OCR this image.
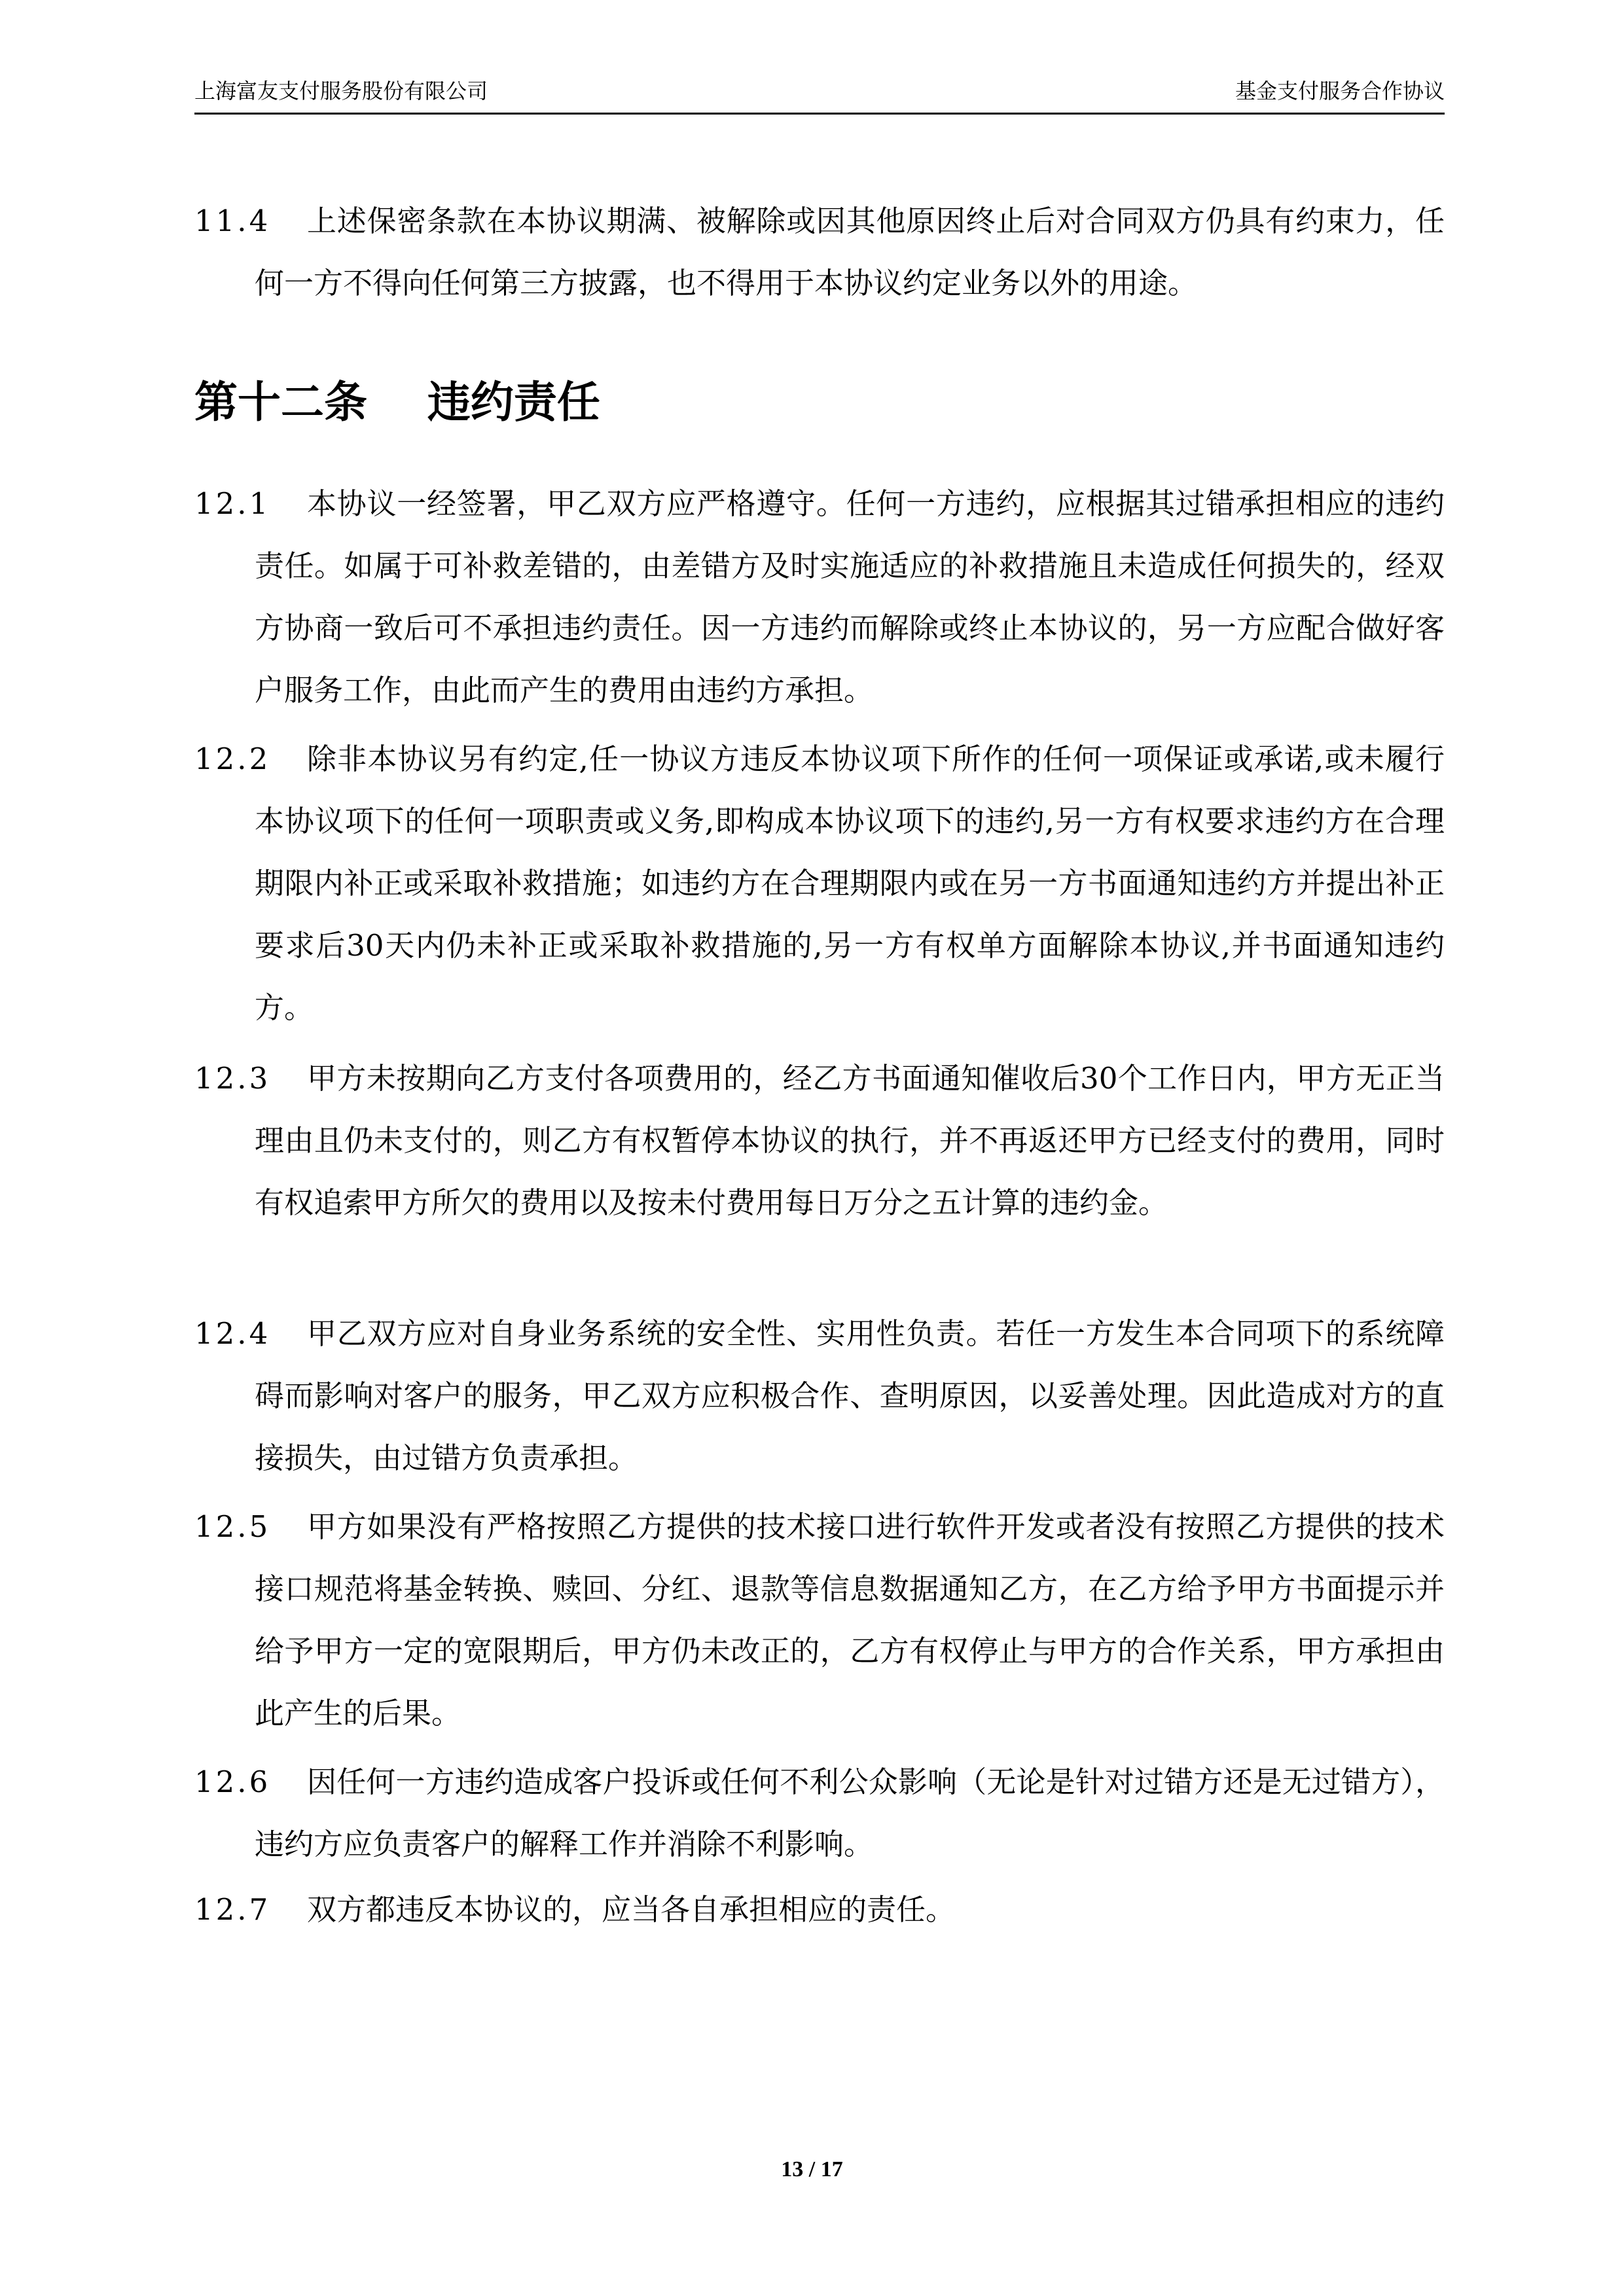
上海富友支付服务股份有限公司	基金支付服务合作协议
11.4	上述保密条款在本协议期满、被解除或因其他原因终止后对合同双方仍具有约束力，任何一方不得向任何第三方披露，也不得用于本协议约定业务以外的用途。
第十二条    违约责任
12.1	本协议一经签署，甲乙双方应严格遵守。任何一方违约，应根据其过错承担相应的违约责任。如属于可补救差错的，由差错方及时实施适应的补救措施且未造成任何损失的，经双方协商一致后可不承担违约责任。因一方违约而解除或终止本协议的，另一方应配合做好客户服务工作，由此而产生的费用由违约方承担。
12.2	除非本协议另有约定,任一协议方违反本协议项下所作的任何一项保证或承诺,或未履行本协议项下的任何一项职责或义务,即构成本协议项下的违约,另一方有权要求违约方在合理期限内补正或采取补救措施；如违约方在合理期限内或在另一方书面通知违约方并提出补正要求后30天内仍未补正或采取补救措施的,另一方有权单方面解除本协议,并书面通知违约方。
12.3	甲方未按期向乙方支付各项费用的，经乙方书面通知催收后30个工作日内，甲方无正当理由且仍未支付的，则乙方有权暂停本协议的执行，并不再返还甲方已经支付的费用，同时有权追索甲方所欠的费用以及按未付费用每日万分之五计算的违约金。
12.4	甲乙双方应对自身业务系统的安全性、实用性负责。若任一方发生本合同项下的系统障碍而影响对客户的服务，甲乙双方应积极合作、查明原因，以妥善处理。因此造成对方的直接损失，由过错方负责承担。
12.5	甲方如果没有严格按照乙方提供的技术接口进行软件开发或者没有按照乙方提供的技术接口规范将基金转换、赎回、分红、退款等信息数据通知乙方，在乙方给予甲方书面提示并给予甲方一定的宽限期后，甲方仍未改正的，乙方有权停止与甲方的合作关系，甲方承担由此产生的后果。
12.6	因任何一方违约造成客户投诉或任何不利公众影响（无论是针对过错方还是无过错方），违约方应负责客户的解释工作并消除不利影响。
12.7	双方都违反本协议的，应当各自承担相应的责任。
13 / 17
